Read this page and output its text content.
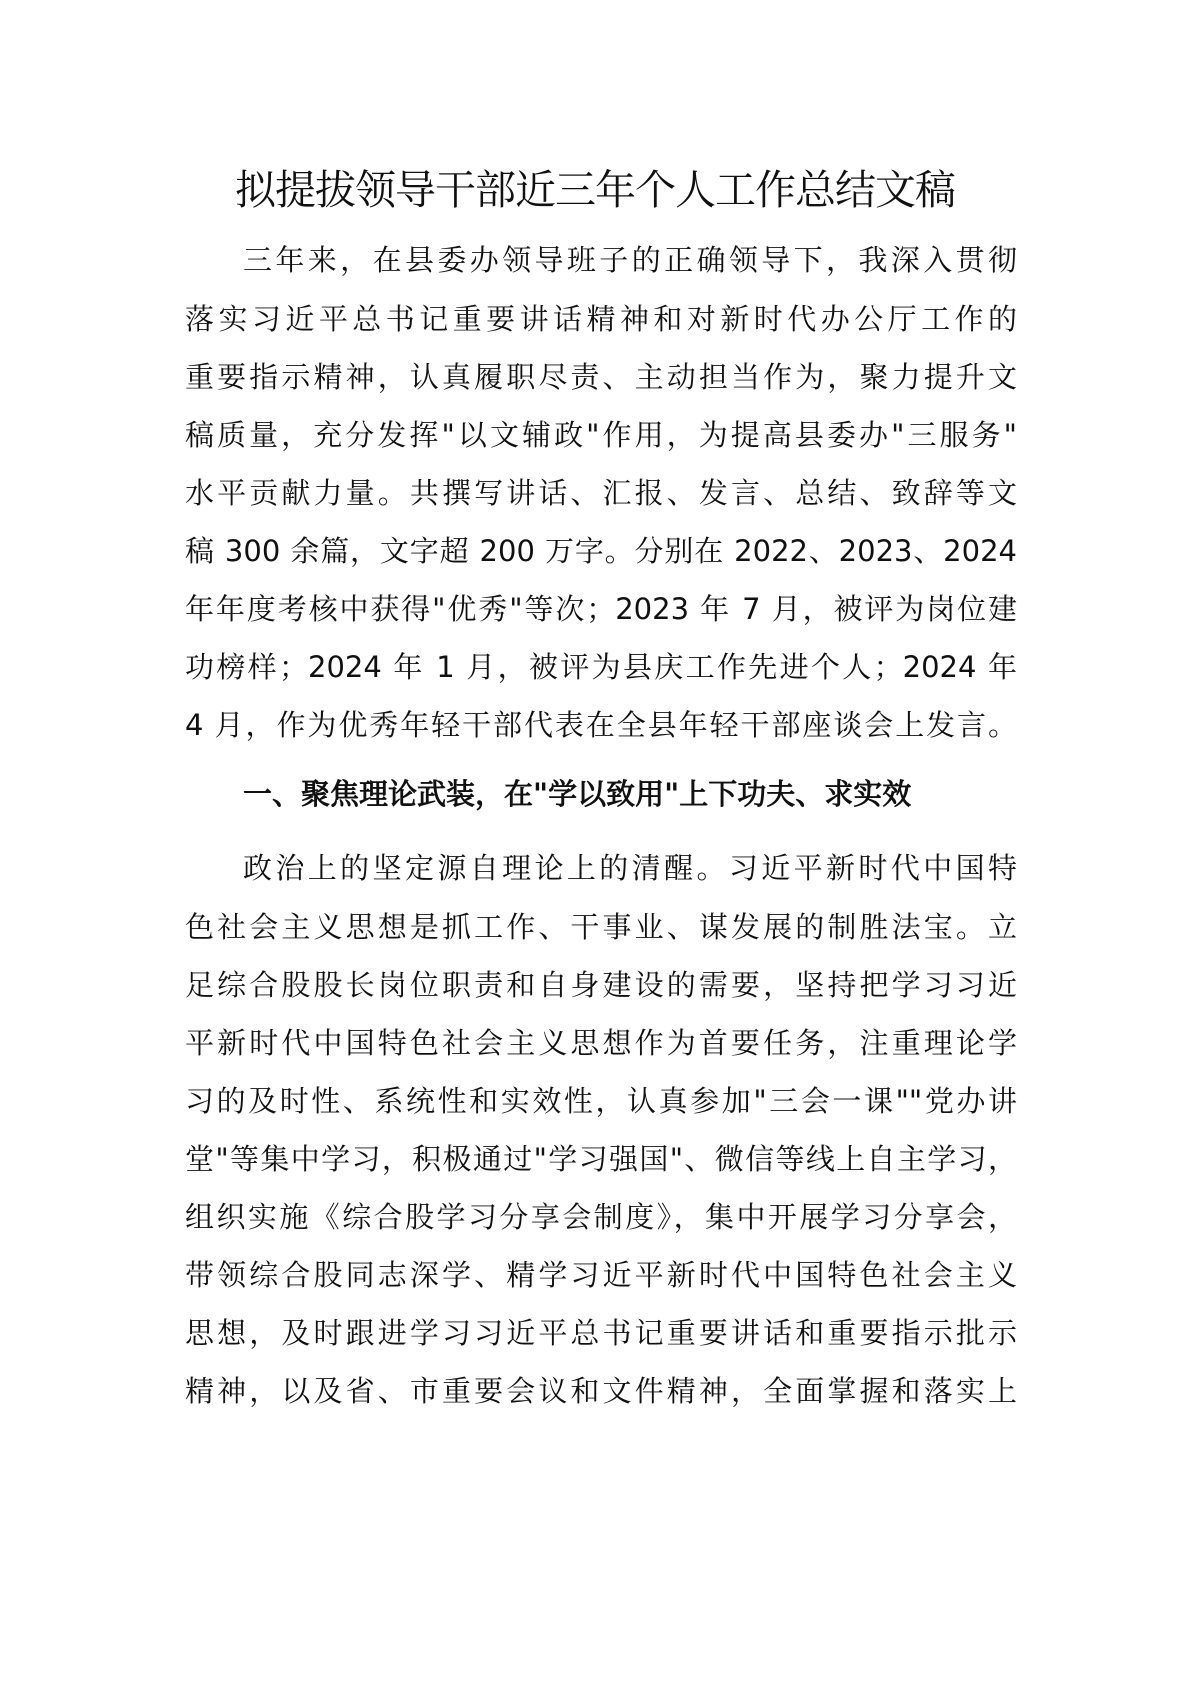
拟提拔领导干部近三年个人工作总结文稿
三年来，在县委办领导班子的正确领导下，我深入贯彻
落实习近平总书记重要讲话精神和对新时代办公厅工作的
重要指示精神，认真履职尽责、主动担当作为，聚力提升文
稿质量，充分发挥"以文辅政"作用，为提高县委办"三服务"
水平贡献力量。共撰写讲话、汇报、发言、总结、致辞等文
稿 300 余篇，文字超 200 万字。分别在 2022、2023、2024
年年度考核中获得"优秀"等次；2023 年 7 月，被评为岗位建
功榜样；2024 年 1 月，被评为县庆工作先进个人；2024 年
4 月，作为优秀年轻干部代表在全县年轻干部座谈会上发言。
一、聚焦理论武装，在"学以致用"上下功夫、求实效
政治上的坚定源自理论上的清醒。习近平新时代中国特
色社会主义思想是抓工作、干事业、谋发展的制胜法宝。立
足综合股股长岗位职责和自身建设的需要，坚持把学习习近
平新时代中国特色社会主义思想作为首要任务，注重理论学
习的及时性、系统性和实效性，认真参加"三会一课""党办讲
堂"等集中学习，积极通过"学习强国"、微信等线上自主学习，
组织实施《综合股学习分享会制度》，集中开展学习分享会，
带领综合股同志深学、精学习近平新时代中国特色社会主义
思想，及时跟进学习习近平总书记重要讲话和重要指示批示
精神，以及省、市重要会议和文件精神，全面掌握和落实上
